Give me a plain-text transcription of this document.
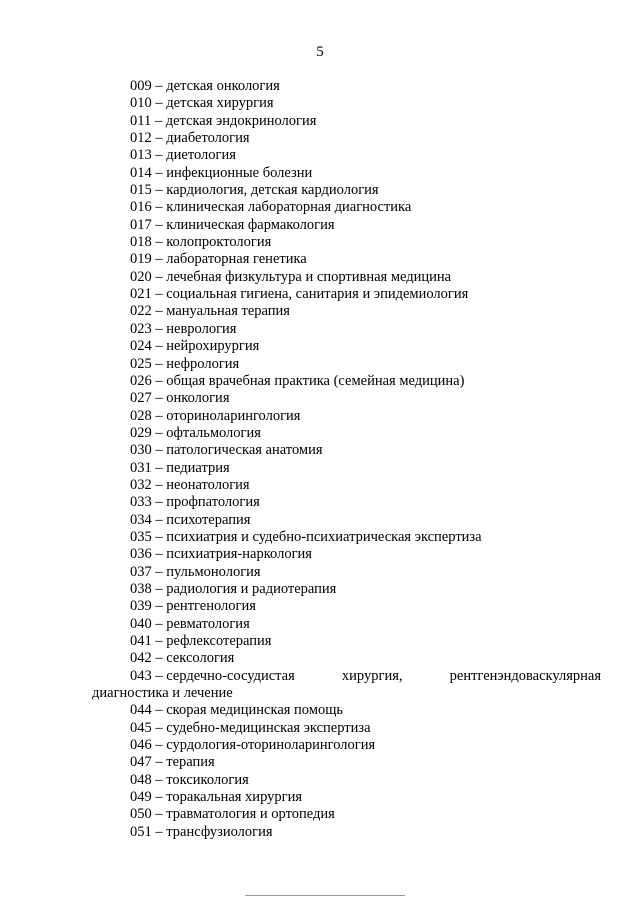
5
009 – детская онкология
010 – детская хирургия
011 – детская эндокринология
012 – диабетология
013 – диетология
014 – инфекционные болезни
015 – кардиология, детская кардиология
016 – клиническая лабораторная диагностика
017 – клиническая фармакология
018 – колопроктология
019 – лабораторная генетика
020 – лечебная физкультура и спортивная медицина
021 – социальная гигиена, санитария и эпидемиология
022 – мануальная терапия
023 – неврология
024 – нейрохирургия
025 – нефрология
026 – общая врачебная практика (семейная медицина)
027 – онкология
028 – оториноларингология
029 – офтальмология
030 – патологическая анатомия
031 – педиатрия
032 – неонатология
033 – профпатология
034 – психотерапия
035 – психиатрия и судебно-психиатрическая экспертиза
036 – психиатрия-наркология
037 – пульмонология
038 – радиология и радиотерапия
039 – рентгенология
040 – ревматология
041 – рефлексотерапия
042 – сексология
043 – сердечно-сосудистая	хирургия,	рентгенэндоваскулярная
диагностика и лечение
044 – скорая медицинская помощь
045 – судебно-медицинская экспертиза
046 – сурдология-оториноларингология
047 – терапия
048 – токсикология
049 – торакальная хирургия
050 – травматология и ортопедия
051 – трансфузиология
